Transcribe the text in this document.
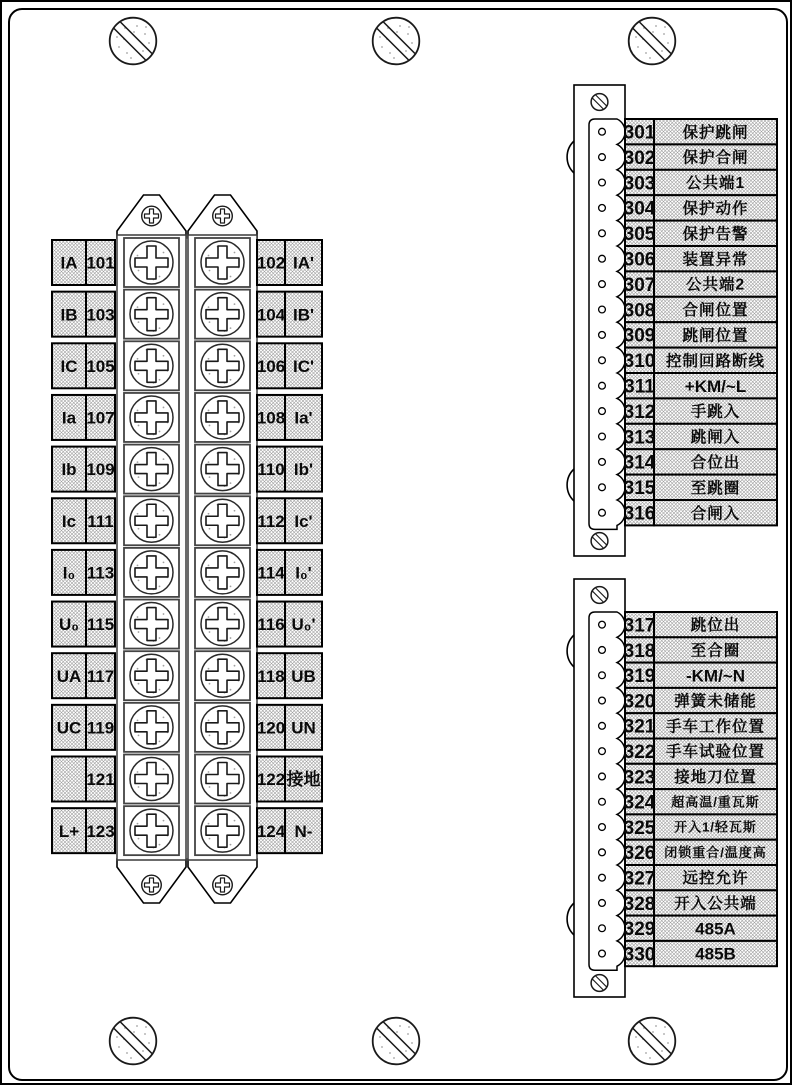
IA 101	102 IA'
IB 103	104 IB'
IC 105	106 IC'
Ia 107	108 Ia'
Ib 109	110 Ib'
Ic 111	112 Ic'
I₀ 113	114 I₀'
U₀ 115	116 U₀'
UA 117	118 UB
UC 119	120 UN
121	122 接地
L+ 123	124 N-
301 保护跳闸
302 保护合闸
303 公共端1
304 保护动作
305 保护告警
306 装置异常
307 公共端2
308 合闸位置
309 跳闸位置
310 控制回路断线
311 +KM/~L
312 手跳入
313 跳闸入
314 合位出
315 至跳圈
316 合闸入
317 跳位出
318 至合圈
319 -KM/~N
320 弹簧未储能
321 手车工作位置
322 手车试验位置
323 接地刀位置
324 超高温/重瓦斯
325 开入1/轻瓦斯
326 闭锁重合/温度高
327 远控允许
328 开入公共端
329 485A
330 485B
